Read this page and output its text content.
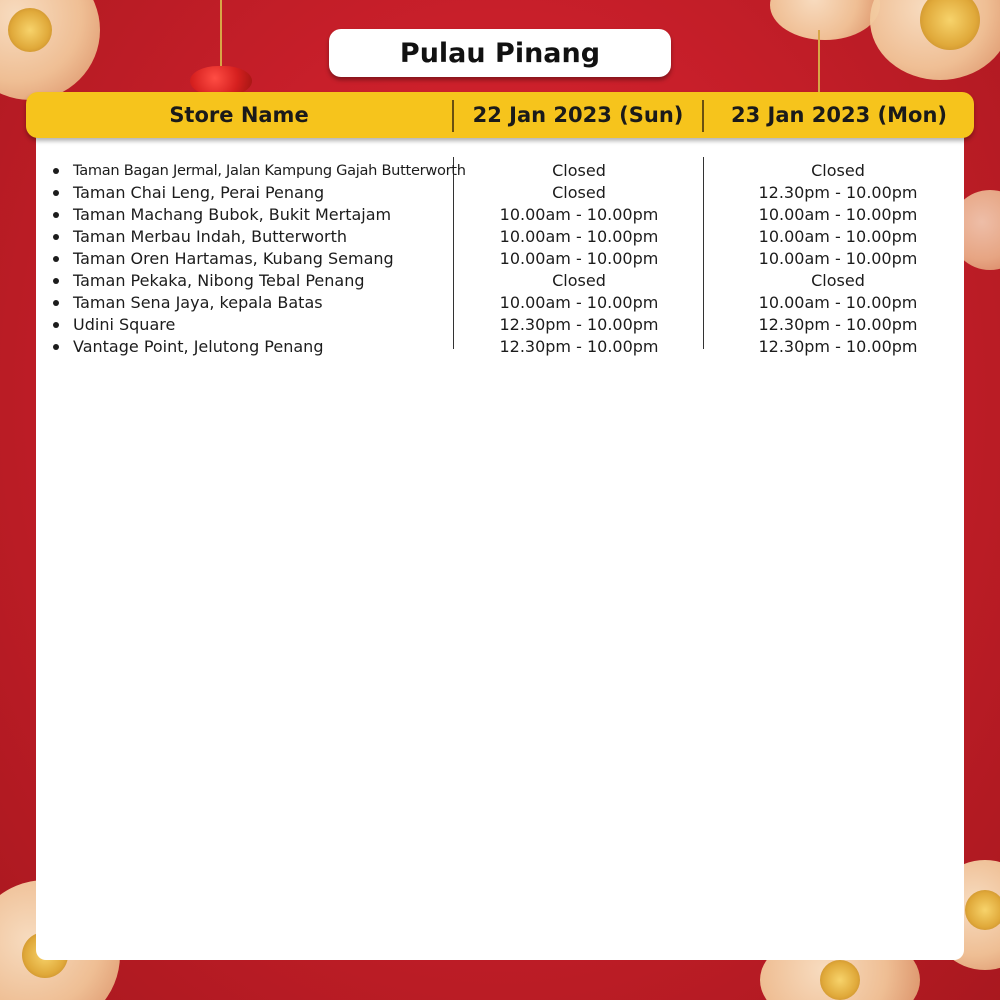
Pulau Pinang
Store Name	22 Jan 2023 (Sun)	23 Jan 2023 (Mon)
Taman Bagan Jermal, Jalan Kampung Gajah Butterworth	Closed	Closed
Taman Chai Leng, Perai Penang	Closed	12.30pm - 10.00pm
Taman Machang Bubok, Bukit Mertajam	10.00am - 10.00pm	10.00am - 10.00pm
Taman Merbau Indah, Butterworth	10.00am - 10.00pm	10.00am - 10.00pm
Taman Oren Hartamas, Kubang Semang	10.00am - 10.00pm	10.00am - 10.00pm
Taman Pekaka, Nibong Tebal Penang	Closed	Closed
Taman Sena Jaya, kepala Batas	10.00am - 10.00pm	10.00am - 10.00pm
Udini Square	12.30pm - 10.00pm	12.30pm - 10.00pm
Vantage Point, Jelutong Penang	12.30pm - 10.00pm	12.30pm - 10.00pm
